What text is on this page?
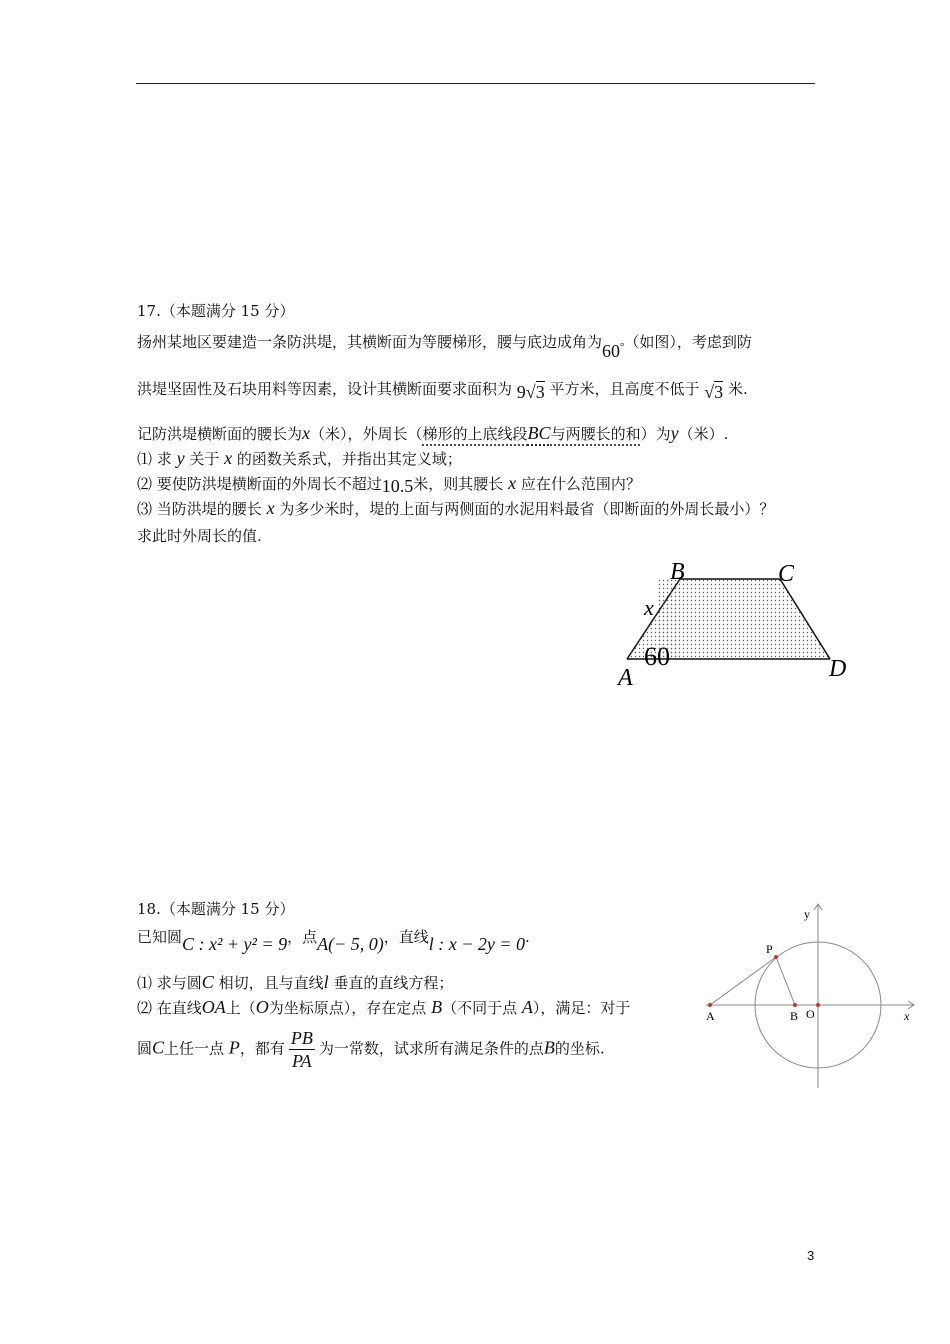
17.（本题满分 15 分）
扬州某地区要建造一条防洪堤，其横断面为等腰梯形，腰与底边成角为60°（如图），考虑到防
洪堤坚固性及石块用料等因素，设计其横断面要求面积为 9√3 平方米，且高度不低于 √3 米.
记防洪堤横断面的腰长为x（米），外周长（梯形的上底线段BC与两腰长的和）为y（米）.
⑴ 求 y 关于 x 的函数关系式，并指出其定义域；
⑵ 要使防洪堤横断面的外周长不超过10.5米，则其腰长 x 应在什么范围内？
⑶ 当防洪堤的腰长 x 为多少米时，堤的上面与两侧面的水泥用料最省（即断面的外周长最小）？
求此时外周长的值.
B	C
x
60
A	D
18.（本题满分 15 分）
已知圆C : x² + y² = 9，点A(− 5, 0)，直线l : x − 2y = 0.
⑴ 求与圆C 相切，且与直线l 垂直的直线方程；
⑵ 在直线OA上（O为坐标原点），存在定点 B（不同于点 A），满足：对于
圆C上任一点 P，都有 $\frac{PB}{PA}$ 为一常数，试求所有满足条件的点B的坐标.
y
x
P
A	B O
3
